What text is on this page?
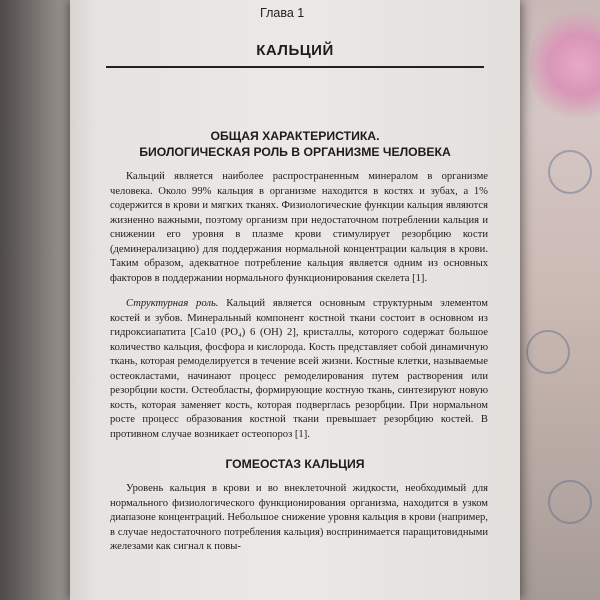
Глава 1
КАЛЬЦИЙ
ОБЩАЯ ХАРАКТЕРИСТИКА.
БИОЛОГИЧЕСКАЯ РОЛЬ В ОРГАНИЗМЕ ЧЕЛОВЕКА

Кальций является наиболее распространенным минералом в организме человека. Около 99% кальция в организме находится в костях и зубах, а 1% содержится в крови и мягких тканях. Физиологические функции кальция являются жизненно важными, поэтому организм при недостаточном потреблении кальция и снижении его уровня в плазме крови стимулирует резорбцию кости (деминерализацию) для поддержания нормальной концентрации кальция в крови. Таким образом, адекватное потребление кальция является одним из основных факторов в поддержании нормального функционирования скелета [1].

Структурная роль. Кальций является основным структурным элементом костей и зубов. Минеральный компонент костной ткани состоит в основном из гидроксиапатита [Ca10 (PO₄) 6 (OH) 2], кристаллы, которого содержат большое количество кальция, фосфора и кислорода. Кость представляет собой динамичную ткань, которая ремоделируется в течение всей жизни. Костные клетки, называемые остеокластами, начинают процесс ремоделирования путем растворения или резорбции кости. Остеобласты, формирующие костную ткань, синтезируют новую кость, которая заменяет кость, которая подверглась резорбции. При нормальном росте процесс образования костной ткани превышает резорбцию костей. В противном случае возникает остеопороз [1].

ГОМЕОСТАЗ КАЛЬЦИЯ

Уровень кальция в крови и во внеклеточной жидкости, необходимый для нормального физиологического функционирования организма, находится в узком диапазоне концентраций. Небольшое снижение уровня кальция в крови (например, в случае недостаточного потребления кальция) воспринимается паращитовидными железами как сигнал к повы-
